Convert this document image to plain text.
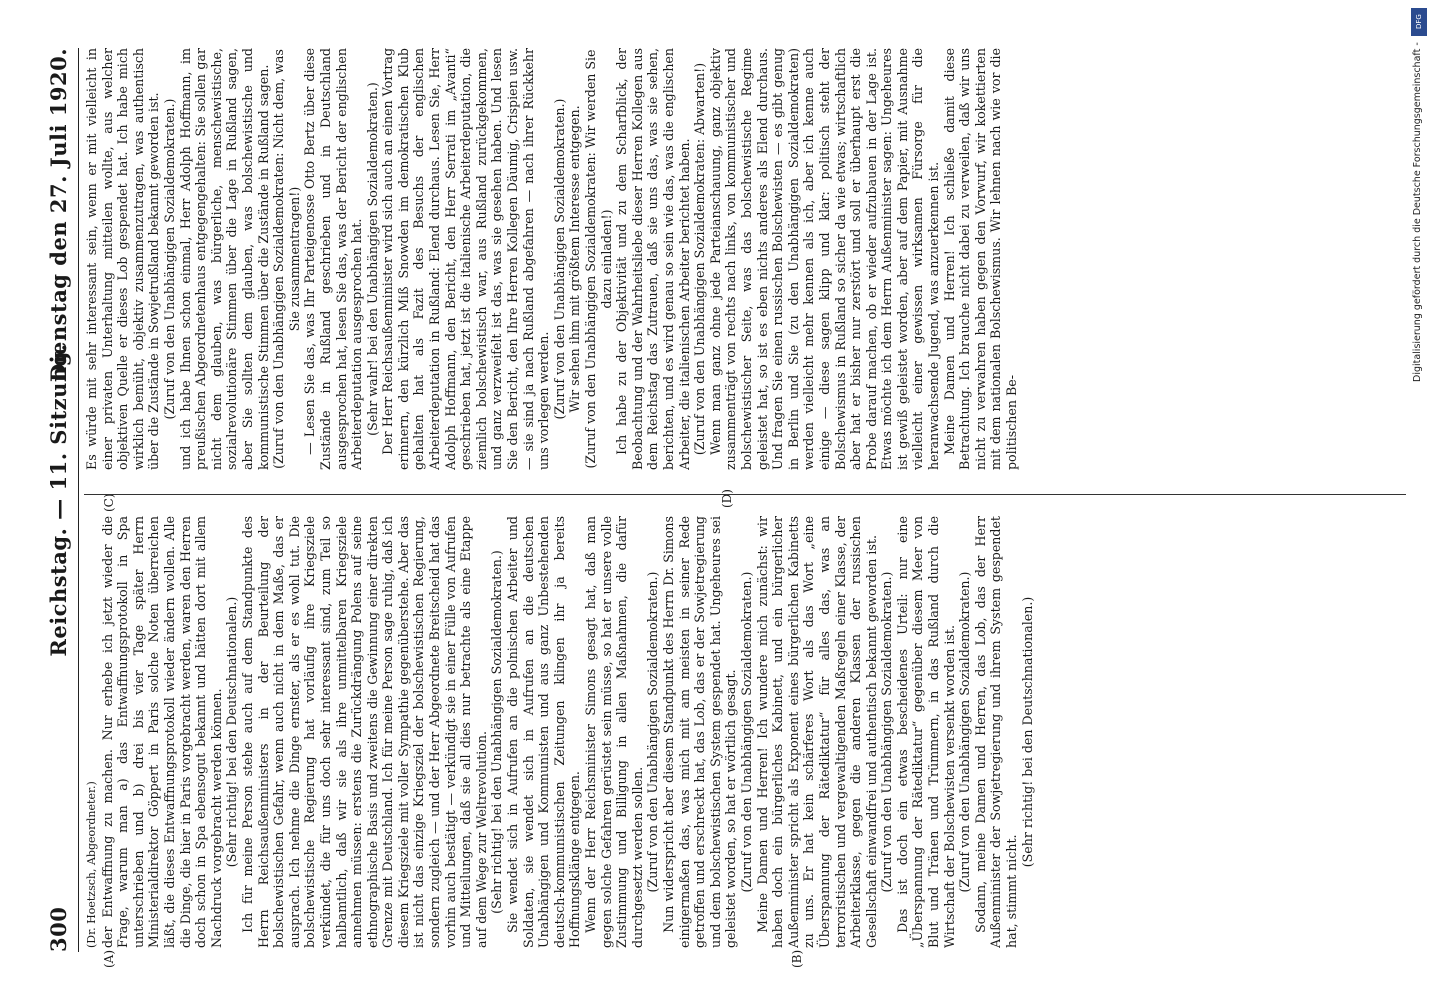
300
Reichstag. — 11. Sitzung.
Dienstag den 27. Juli 1920.
(A)	(B)
(C)	(D)

(Dr. Hoetzsch, Abgeordneter.) der Entwaffnung zu machen. Nur erhebe ich jetzt wieder die Frage, warum man a) das Entwaffnungsprotokoll in Spa unterschrieben und b) drei bis vier Tage später Herrn Ministerialdirektor Göppert in Paris solche Noten überreichen läßt, die dieses Entwaffnungsprotokoll wieder ändern wollen. Alle die Dinge, die hier in Paris vorgebracht werden, waren den Herren doch schon in Spa ebensogut bekannt und hätten dort mit allem Nachdruck vorgebracht werden können. (Sehr richtig! bei den Deutschnationalen.) Ich für meine Person stehe auch auf dem Standpunkte des Herrn Reichsaußenministers in der Beurteilung der bolschewistischen Gefahr, wenn auch nicht in dem Maße, das er ausprach. Ich nehme die Dinge ernster, als er es wohl tut. Die bolschewistische Regierung hat vorläufig ihre Kriegsziele verkündet, die für uns doch sehr interessant sind, zum Teil so halbamtlich, daß wir sie als ihre unmittelbaren Kriegsziele annehmen müssen: erstens die Zurückdrängung Polens auf seine ethnographische Basis und zweitens die Gewinnung einer direkten Grenze mit Deutschland. Ich für meine Person sage ruhig, daß ich diesem Kriegsziele mit voller Sympathie gegenüberstehe. Aber das ist nicht das einzige Kriegsziel der bolschewistischen Regierung, sondern zugleich — und der Herr Abgeordnete Breitscheid hat das vorhin auch bestätigt — verkündigt sie in einer Fülle von Aufrufen und Mitteilungen, daß sie all dies nur betrachte als eine Etappe auf dem Wege zur Weltrevolution. (Sehr richtig! bei den Unabhängigen Sozialdemokraten.) Sie wendet sich in Aufrufen an die polnischen Arbeiter und Soldaten, sie wendet sich in Aufrufen an die deutschen Unabhängigen und Kommunisten und aus ganz Unbestehenden deutsch-kommunistischen Zeitungen klingen ihr ja bereits Hoffnungsklänge entgegen. Wenn der Herr Reichsminister Simons gesagt hat, daß man gegen solche Gefahren gerüstet sein müsse, so hat er unsere volle Zustimmung und Billigung in allen Maßnahmen, die dafür durchgesetzt werden sollen. (Zuruf von den Unabhängigen Sozialdemokraten.) Nun widerspricht aber diesem Standpunkt des Herrn Dr. Simons einigermaßen das, was mich mit am meisten in seiner Rede getroffen und erschreckt hat, das Lob, das er der Sowjetregierung und dem bolschewistischen System gespendet hat. Ungeheures sei geleistet worden, so hat er wörtlich gesagt. (Zuruf von den Unabhängigen Sozialdemokraten.) Meine Damen und Herren! Ich wundere mich zunächst: wir haben doch ein bürgerliches Kabinett, und ein bürgerlicher Außenminister spricht als Exponent eines bürgerlichen Kabinetts zu uns. Er hat kein schärferes Wort als das Wort „eine Überspannung der Rätediktatur“ für alles das, was an terroristischen und vergewaltigenden Maßregeln einer Klasse, der Arbeiterklasse, gegen die anderen Klassen der russischen Gesellschaft einwandfrei und authentisch bekannt geworden ist. (Zuruf von den Unabhängigen Sozialdemokraten.) Das ist doch ein etwas bescheidenes Urteil: nur eine „Überspannung der Rätediktatur“ gegenüber diesem Meer von Blut und Tränen und Trümmern, in das Rußland durch die Wirtschaft der Bolschewisten versenkt worden ist. (Zuruf von den Unabhängigen Sozialdemokraten.) Sodann, meine Damen und Herren, das Lob, das der Herr Außenminister der Sowjetregierung und ihrem System gespendet hat, stimmt nicht.

(Sehr richtig! bei den Deutschnationalen.)

Es würde mit sehr interessant sein, wenn er mit vielleicht in einer privaten Unterhaltung mitteilen wollte, aus welcher objektiven Quelle er dieses Lob gespendet hat. Ich habe mich wirklich bemüht, objektiv zusammenzutragen, was authentisch über die Zustände in Sowjetrußland bekannt geworden ist. (Zuruf von den Unabhängigen Sozialdemokraten.) und ich habe Ihnen schon einmal, Herr Adolph Hoffmann, im preußischen Abgeordnetenhaus entgegengehalten: Sie sollen gar nicht dem glauben, was bürgerliche, menschewistische, sozialrevolutionäre Stimmen über die Lage in Rußland sagen, aber Sie sollten dem glauben, was bolschewistische und kommunistische Stimmen über die Zustände in Rußland sagen. (Zuruf von den Unabhängigen Sozialdemokraten: Nicht dem, was Sie zusammentragen!) — Lesen Sie das, was Ihr Parteigenosse Otto Bertz über diese Zustände in Rußland geschrieben und in Deutschland ausgesprochen hat, lesen Sie das, was der Bericht der englischen Arbeiterdeputation ausgesprochen hat. (Sehr wahr! bei den Unabhängigen Sozialdemokraten.) Der Herr Reichsaußenminister wird sich auch an einen Vortrag erinnern, den kürzlich Miß Snowden im demokratischen Klub gehalten hat als Fazit des Besuchs der englischen Arbeiterdeputation in Rußland: Elend durchaus. Lesen Sie, Herr Adolph Hoffmann, den Bericht, den Herr Serrati im „Avanti“ geschrieben hat, jetzt ist die italienische Arbeiterdeputation, die ziemlich bolschewistisch war, aus Rußland zurückgekommen, und ganz verzweifelt ist das, was sie gesehen haben. Und lesen Sie den Bericht, den Ihre Herren Kollegen Däumig, Crispien usw. — sie sind ja nach Rußland abgefahren — nach ihrer Rückkehr uns vorlegen werden. (Zuruf von den Unabhängigen Sozialdemokraten.) Wir sehen ihm mit größtem Interesse entgegen. (Zuruf von den Unabhängigen Sozialdemokraten: Wir werden Sie dazu einladen!) Ich habe zu der Objektivität und zu dem Scharfblick, der Beobachtung und der Wahrheitsliebe dieser Herren Kollegen aus dem Reichstag das Zutrauen, daß sie uns das, was sie sehen, berichten, und es wird genau so sein wie das, was die englischen Arbeiter, die italienischen Arbeiter berichtet haben. (Zuruf von den Unabhängigen Sozialdemokraten: Abwarten!) Wenn man ganz ohne jede Parteianschauung, ganz objektiv zusammenträgt von rechts nach links, von kommunistischer und bolschewistischer Seite, was das bolschewistische Regime geleistet hat, so ist es eben nichts anderes als Elend durchaus. Und fragen Sie einen russischen Bolschewisten — es gibt genug in Berlin und Sie (zu den Unabhängigen Sozialdemokraten) werden vielleicht mehr kennen als ich, aber ich kenne auch einige — diese sagen klipp und klar: politisch steht der Bolschewismus in Rußland so sicher da wie etwas; wirtschaftlich aber hat er bisher nur zerstört und soll er überhaupt erst die Probe darauf machen, ob er wieder aufzubauen in der Lage ist. Etwas möchte ich dem Herrn Außenminister sagen: Ungeheures ist gewiß geleistet worden, aber auf dem Papier, mit Ausnahme vielleicht einer gewissen wirksamen Fürsorge für die heranwachsende Jugend, was anzuerkennen ist. Meine Damen und Herren! Ich schließe damit diese Betrachtung. Ich brauche nicht dabei zu verweilen, daß wir uns nicht zu verwahren haben gegen den Vorwurf, wir kokettierten mit dem nationalen Bolschewismus. Wir lehnen nach wie vor die politischen Be-

DFG
Digitalisierung gefördert durch die Deutsche Forschungsgemeinschaft -
